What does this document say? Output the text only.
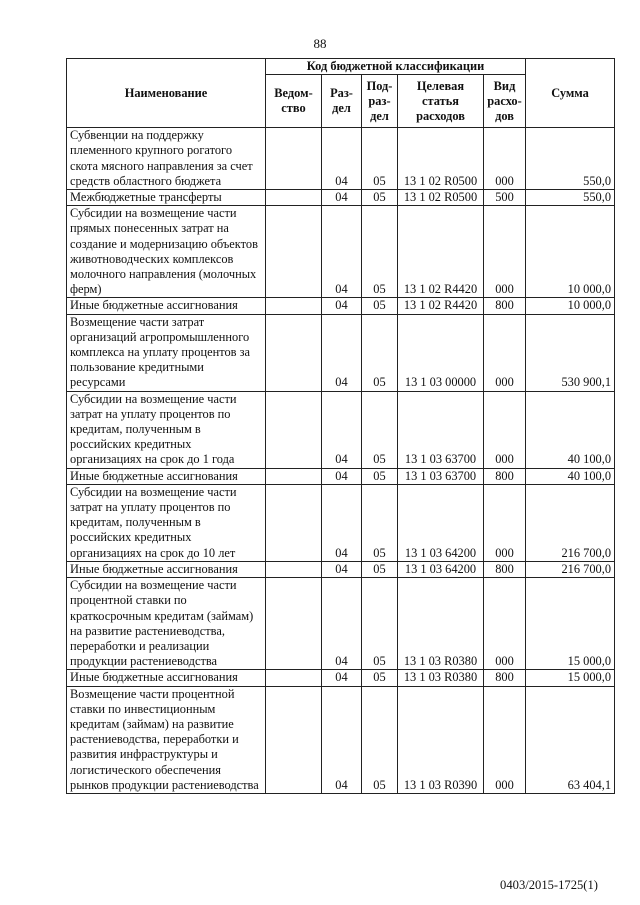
88
Наименование	Код бюджетной классификации					Сумма
	Ведом-ство	Раз-дел	Под-раз-дел	Целевая статья расходов	Вид расхо-дов	
Субвенции на поддержку племенного крупного рогатого скота мясного направления за счет средств областного бюджета		04	05	13 1 02 R0500	000	550,0
Межбюджетные трансферты		04	05	13 1 02 R0500	500	550,0
Субсидии на возмещение части прямых понесенных затрат на создание и модернизацию объектов животноводческих комплексов молочного направления (молочных ферм)		04	05	13 1 02 R4420	000	10 000,0
Иные бюджетные ассигнования		04	05	13 1 02 R4420	800	10 000,0
Возмещение части затрат организаций агропромышленного комплекса на уплату процентов за пользование кредитными ресурсами		04	05	13 1 03 00000	000	530 900,1
Субсидии на возмещение части затрат на уплату процентов по кредитам, полученным в российских кредитных организациях на срок до 1 года		04	05	13 1 03 63700	000	40 100,0
Иные бюджетные ассигнования		04	05	13 1 03 63700	800	40 100,0
Субсидии на возмещение части затрат на уплату процентов по кредитам, полученным в российских кредитных организациях на срок до 10 лет		04	05	13 1 03 64200	000	216 700,0
Иные бюджетные ассигнования		04	05	13 1 03 64200	800	216 700,0
Субсидии на возмещение части процентной ставки по краткосрочным кредитам (займам) на развитие растениеводства, переработки и реализации продукции растениеводства		04	05	13 1 03 R0380	000	15 000,0
Иные бюджетные ассигнования		04	05	13 1 03 R0380	800	15 000,0
Возмещение части процентной ставки по инвестиционным кредитам (займам) на развитие растениеводства, переработки и развития инфраструктуры и логистического обеспечения рынков продукции растениеводства		04	05	13 1 03 R0390	000	63 404,1
0403/2015-1725(1)
